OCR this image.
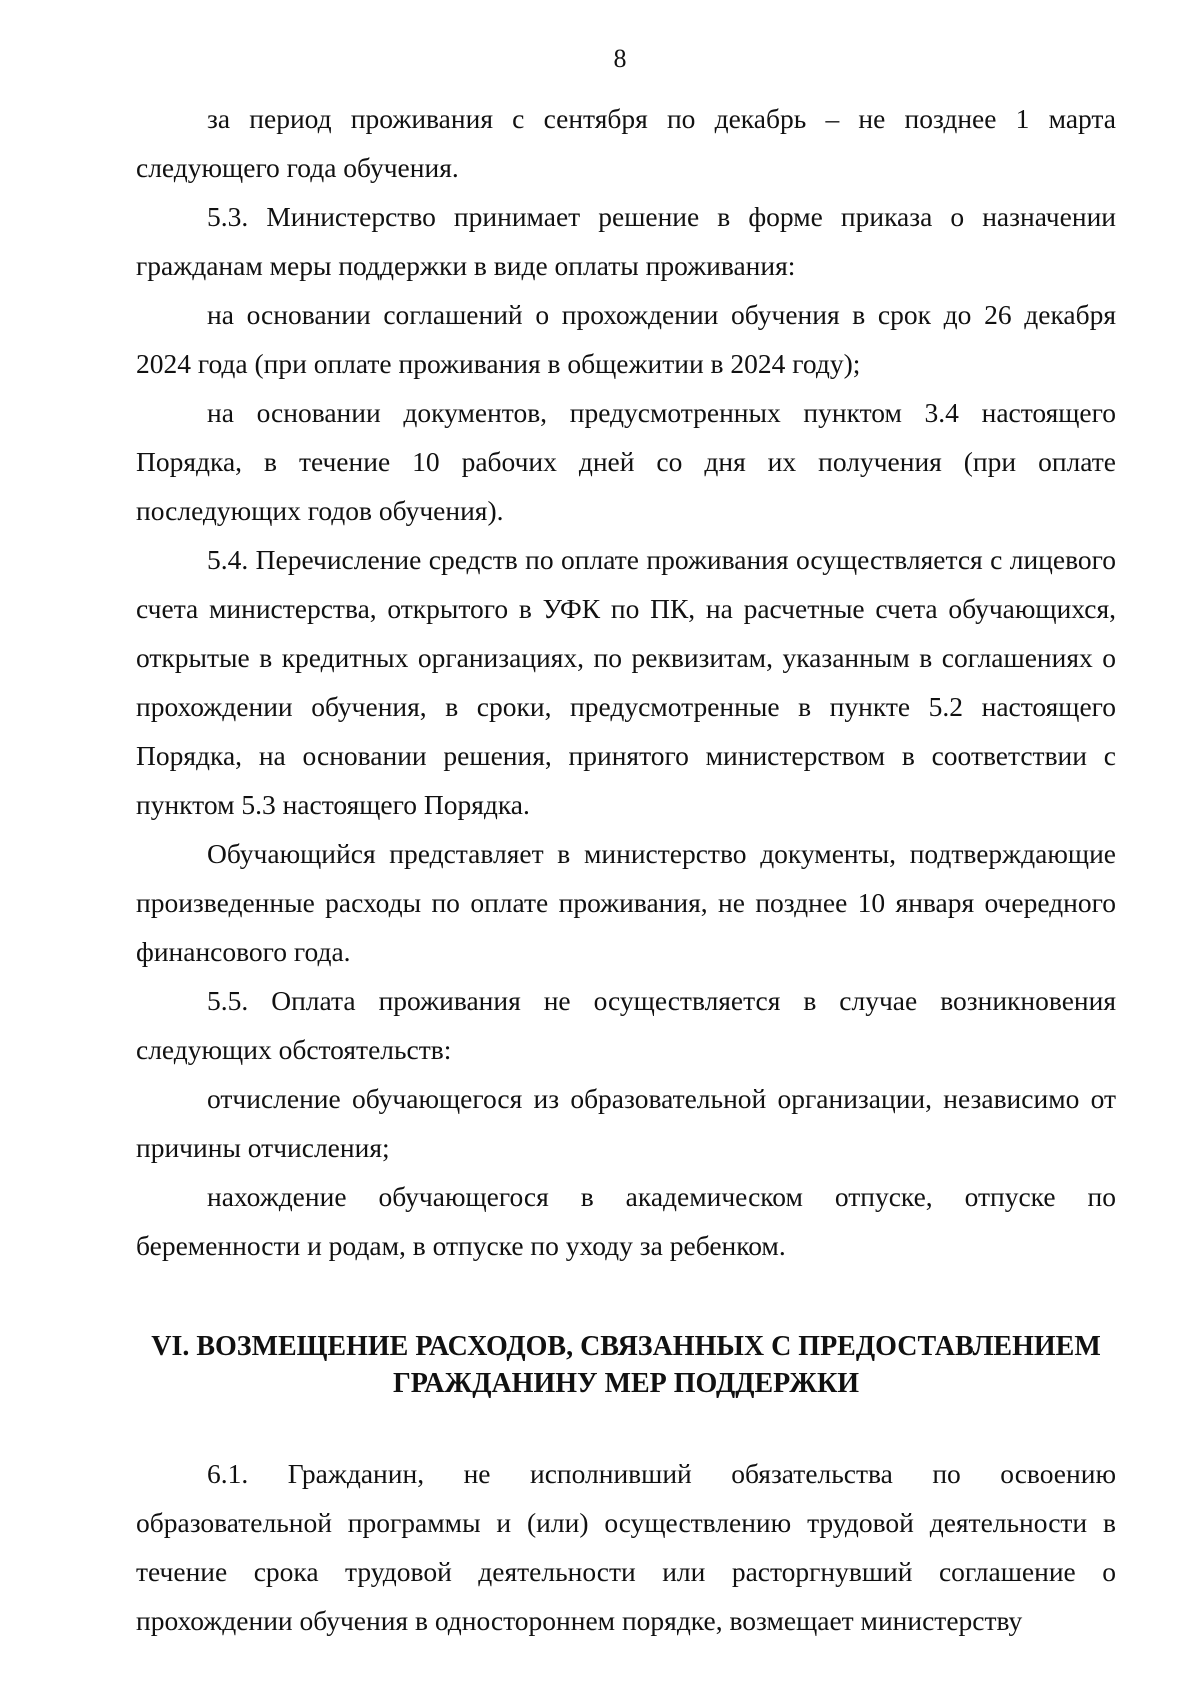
8

за период проживания с сентября по декабрь – не позднее 1 марта следующего года обучения.

5.3. Министерство принимает решение в форме приказа о назначении гражданам меры поддержки в виде оплаты проживания:

на основании соглашений о прохождении обучения в срок до 26 декабря 2024 года (при оплате проживания в общежитии в 2024 году);

на основании документов, предусмотренных пунктом 3.4 настоящего Порядка, в течение 10 рабочих дней со дня их получения (при оплате последующих годов обучения).

5.4. Перечисление средств по оплате проживания осуществляется с лицевого счета министерства, открытого в УФК по ПК, на расчетные счета обучающихся, открытые в кредитных организациях, по реквизитам, указанным в соглашениях о прохождении обучения, в сроки, предусмотренные в пункте 5.2 настоящего Порядка, на основании решения, принятого министерством в соответствии с пунктом 5.3 настоящего Порядка.

Обучающийся представляет в министерство документы, подтверждающие произведенные расходы по оплате проживания, не позднее 10 января очередного финансового года.

5.5. Оплата проживания не осуществляется в случае возникновения следующих обстоятельств:

отчисление обучающегося из образовательной организации, независимо от причины отчисления;

нахождение обучающегося в академическом отпуске, отпуске по беременности и родам, в отпуске по уходу за ребенком.

VI. ВОЗМЕЩЕНИЕ РАСХОДОВ, СВЯЗАННЫХ С ПРЕДОСТАВЛЕНИЕМ
ГРАЖДАНИНУ МЕР ПОДДЕРЖКИ

6.1. Гражданин, не исполнивший обязательства по освоению образовательной программы и (или) осуществлению трудовой деятельности в течение срока трудовой деятельности или расторгнувший соглашение о прохождении обучения в одностороннем порядке, возмещает министерству
